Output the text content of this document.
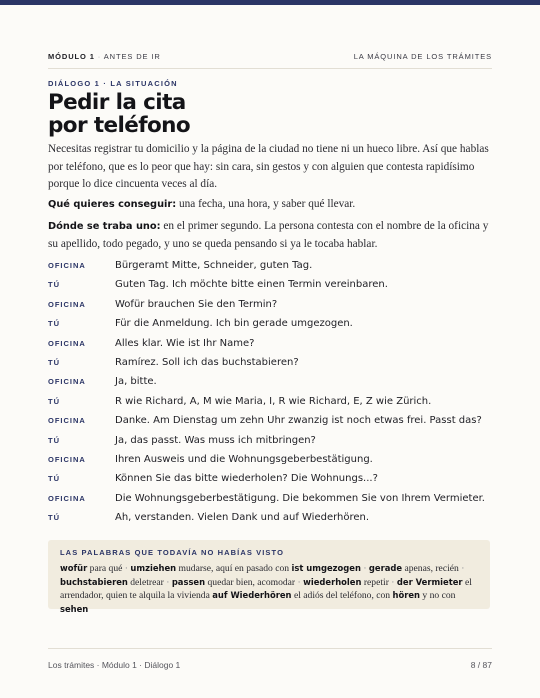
MÓDULO 1 · ANTES DE IR	LA MÁQUINA DE LOS TRÁMITES
DIÁLOGO 1 · LA SITUACIÓN
Pedir la cita
por teléfono

Necesitas registrar tu domicilio y la página de la ciudad no tiene ni un hueco libre. Así que hablas por teléfono, que es lo peor que hay: sin cara, sin gestos y con alguien que contesta rapidísimo porque lo dice cincuenta veces al día.

Qué quieres conseguir: una fecha, una hora, y saber qué llevar.

Dónde se traba uno: en el primer segundo. La persona contesta con el nombre de la oficina y su apellido, todo pegado, y uno se queda pensando si ya le tocaba hablar.

OFICINA	Bürgeramt Mitte, Schneider, guten Tag.
TÚ	Guten Tag. Ich möchte bitte einen Termin vereinbaren.
OFICINA	Wofür brauchen Sie den Termin?
TÚ	Für die Anmeldung. Ich bin gerade umgezogen.
OFICINA	Alles klar. Wie ist Ihr Name?
TÚ	Ramírez. Soll ich das buchstabieren?
OFICINA	Ja, bitte.
TÚ	R wie Richard, A, M wie Maria, I, R wie Richard, E, Z wie Zürich.
OFICINA	Danke. Am Dienstag um zehn Uhr zwanzig ist noch etwas frei. Passt das?
TÚ	Ja, das passt. Was muss ich mitbringen?
OFICINA	Ihren Ausweis und die Wohnungsgeberbestätigung.
TÚ	Können Sie das bitte wiederholen? Die Wohnungs...?
OFICINA	Die Wohnungsgeberbestätigung. Die bekommen Sie von Ihrem Vermieter.
TÚ	Ah, verstanden. Vielen Dank und auf Wiederhören.
LAS PALABRAS QUE TODAVÍA NO HABÍAS VISTO
wofür para qué · umziehen mudarse, aquí en pasado con ist umgezogen · gerade apenas, recién · buchstabieren deletrear · passen quedar bien, acomodar · wiederholen repetir · der Vermieter el arrendador, quien te alquila la vivienda auf Wiederhören el adiós del teléfono, con hören y no con sehen
Los trámites · Módulo 1 · Diálogo 1	8 / 87
